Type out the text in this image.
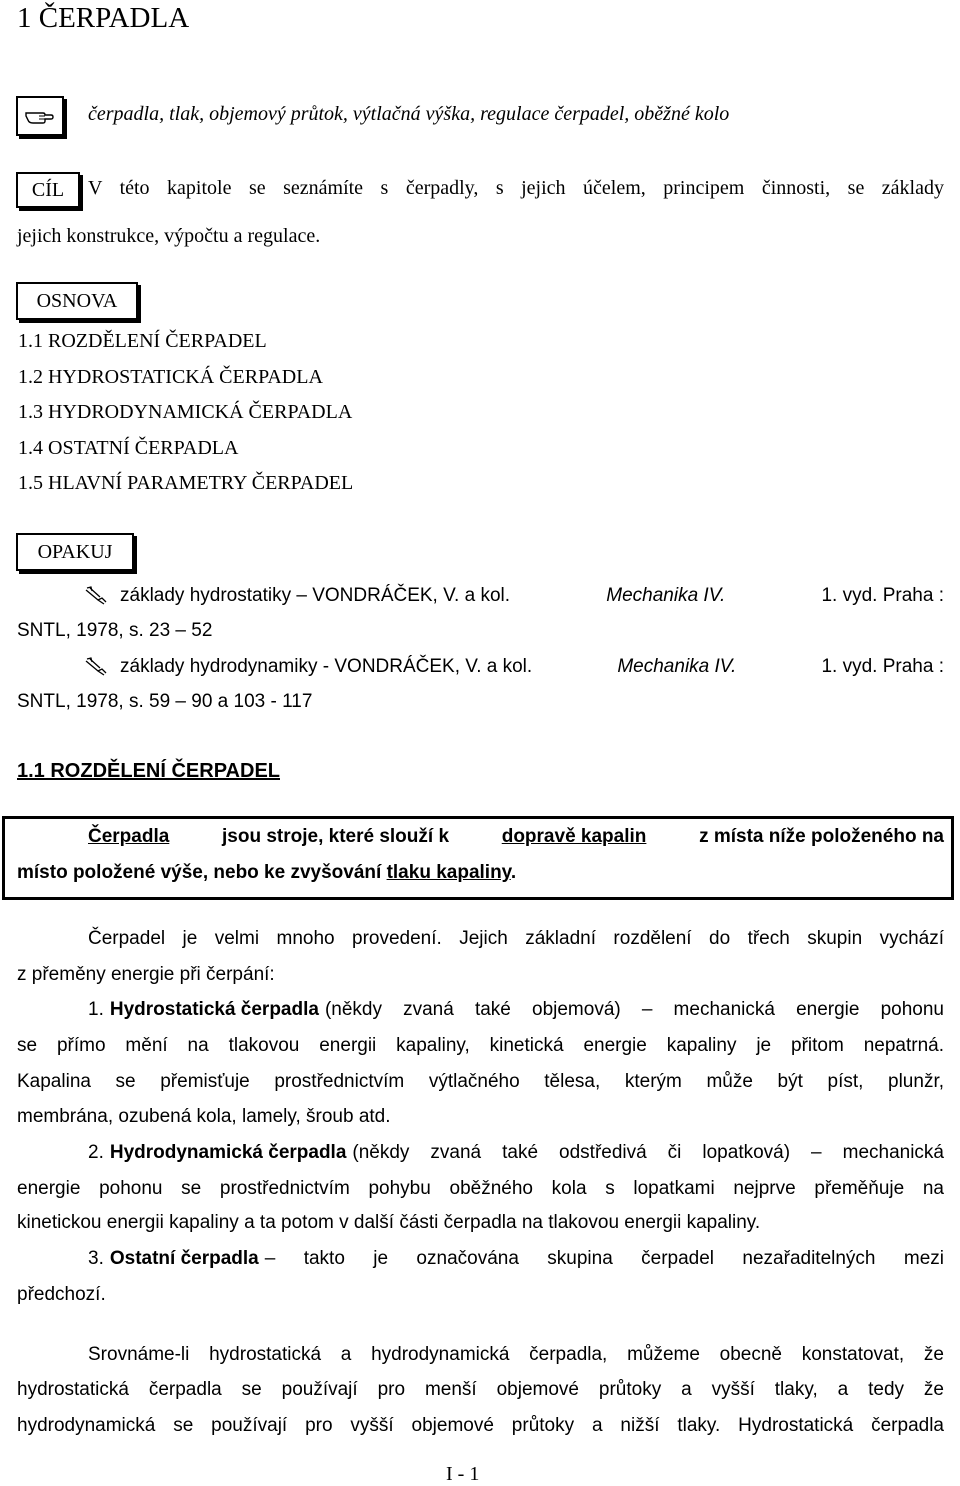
1 ČERPADLA
čerpadla, tlak, objemový průtok, výtlačná výška, regulace čerpadel, oběžné kolo
CÍL V této kapitole se seznámíte s čerpadly, s jejich účelem, principem činnosti, se základy
jejich konstrukce, výpočtu a regulace.
OSNOVA
1.1 ROZDĚLENÍ ČERPADEL
1.2 HYDROSTATICKÁ ČERPADLA
1.3 HYDRODYNAMICKÁ ČERPADLA
1.4 OSTATNÍ ČERPADLA
1.5 HLAVNÍ PARAMETRY ČERPADEL
OPAKUJ
základy hydrostatiky – VONDRÁČEK, V. a kol.	Mechanika IV.	1. vyd. Praha :
SNTL, 1978, s. 23 – 52
základy hydrodynamiky - VONDRÁČEK, V. a kol.	Mechanika IV.	1. vyd. Praha :
SNTL, 1978, s. 59 – 90 a 103 - 117
1.1 ROZDĚLENÍ ČERPADEL
Čerpadla	jsou stroje, které slouží k	dopravě kapalin	z místa níže položeného na
místo položené výše, nebo ke zvyšování tlaku kapaliny.
Čerpadel je velmi mnoho provedení. Jejich základní rozdělení do třech skupin vychází
z přeměny energie při čerpání:
1. Hydrostatická čerpadla (někdy zvaná také objemová) – mechanická energie pohonu
se přímo mění na tlakovou energii kapaliny, kinetická energie kapaliny je přitom nepatrná.
Kapalina se přemisťuje prostřednictvím výtlačného tělesa, kterým může být píst, plunžr,
membrána, ozubená kola, lamely, šroub atd.
2. Hydrodynamická čerpadla (někdy zvaná také odstředivá či lopatková) – mechanická
energie pohonu se prostřednictvím pohybu oběžného kola s lopatkami nejprve přeměňuje na
kinetickou energii kapaliny a ta potom v další části čerpadla na tlakovou energii kapaliny.
3. Ostatní čerpadla – takto je označována skupina čerpadel nezařaditelných mezi
předchozí.
Srovnáme-li hydrostatická a hydrodynamická čerpadla, můžeme obecně konstatovat, že
hydrostatická čerpadla se používají pro menší objemové průtoky a vyšší tlaky, a tedy že
hydrodynamická se používají pro vyšší objemové průtoky a nižší tlaky. Hydrostatická čerpadla
I - 1
